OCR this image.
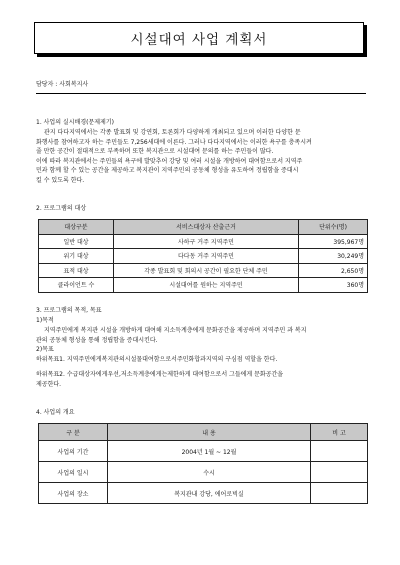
시설대여 사업 계획서
담당자 : 사회복지사
1. 사업의 실시배경(문제제기)
관지 다다지역에서는 각종 발표회 및 강연회, 토론회가 다양하게 개최되고 있으며 이러한 다양한 문
화행사를 참여하고자 하는 주민들도 7,256세대에 이른다. 그러나 다다지역에서는 이러한 욕구를 충족시켜
줄 만한 공간이 절대적으로 부족하며 또한 복지관으로 시설대여 문의를 하는 주민들이 많다.
이에 따라 복지관에서는 주민들의 욕구에 발맞추어 강당 및 여러 시설을 개방하여 대여함으로서 지역주
민과 함께 할 수 있는 공간을 제공하고 복지관이 지역주민의 공동체 형성을 유도하여 정립함을 증대시
킬 수 있도록 한다.
2. 프로그램의 대상
대상구분	서비스대상자 산출근거	단위수(명)
일반 대상	사하구 거주 지역주민	395,967명
위기 대상	다다동 거주 지역주민	30,249명
표적 대상	각종 발표회 및 회의시 공간이 필요한 단체 주민	2,650명
클라이언트 수	시설대여를 원하는 지역주민	360명
3. 프로그램의 목적, 목표
1)목적
지역주민에게 복지관 시설을 개방하게 대여해 지소득계층에게 문화공간을 제공하며 지역주민 과 복지
관의 공동체 형성을 통해 정립함을 증대시킨다.
2)목표
하위목표1. 지역주민에게복지관의시설물대여함으로서주민화합과지역의 구심점 역할을 한다.
하위목표2. 수급대상자에게우선,저소득계층에게는제한하게 대여함으로서 그들에게 문화공간을
제공한다.
4. 사업의 개요
구 분	내 용	비 고
사업의 기간	2004년 1월 ~ 12월	
사업의 일시	수시	
사업의 장소	복지관내 강당, 에어로빅실	
